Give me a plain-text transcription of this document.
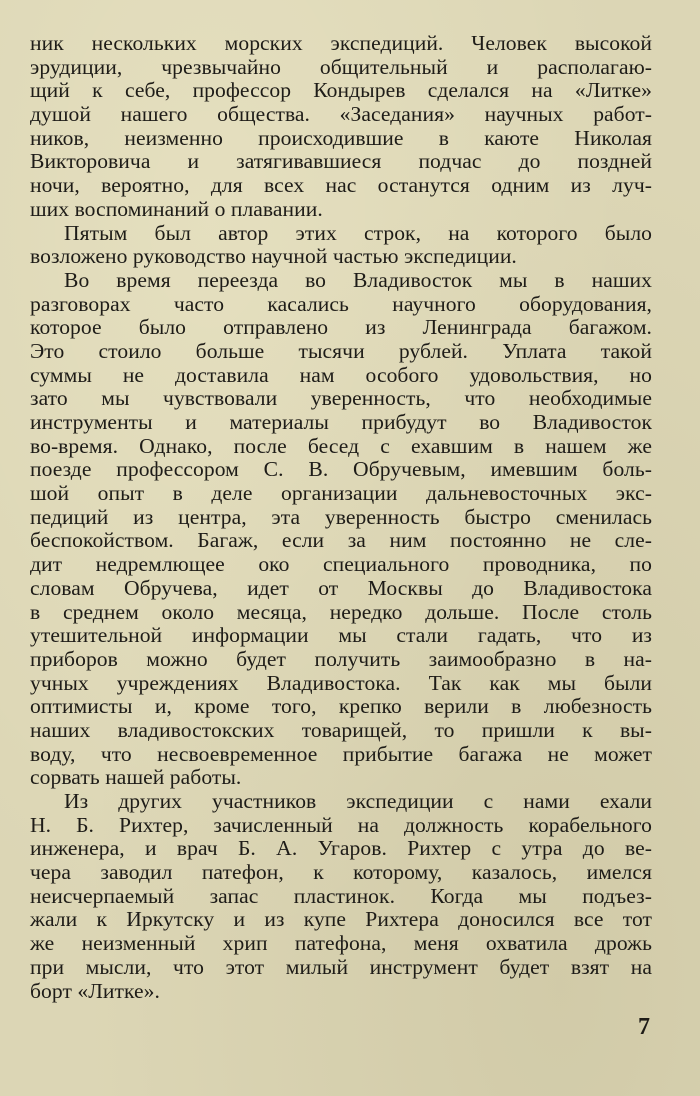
ник нескольких морских экспедиций. Человек высокой
эрудиции, чрезвычайно общительный и располагаю-
щий к себе, профессор Кондырев сделался на «Литке»
душой нашего общества. «Заседания» научных работ-
ников, неизменно происходившие в каюте Николая
Викторовича и затягивавшиеся подчас до поздней
ночи, вероятно, для всех нас останутся одним из луч-
ших воспоминаний о плавании.
Пятым был автор этих строк, на которого было
возложено руководство научной частью экспедиции.
Во время переезда во Владивосток мы в наших
разговорах часто касались научного оборудования,
которое было отправлено из Ленинграда багажом.
Это стоило больше тысячи рублей. Уплата такой
суммы не доставила нам особого удовольствия, но
зато мы чувствовали уверенность, что необходимые
инструменты и материалы прибудут во Владивосток
во-время. Однако, после бесед с ехавшим в нашем же
поезде профессором С. В. Обручевым, имевшим боль-
шой опыт в деле организации дальневосточных экс-
педиций из центра, эта уверенность быстро сменилась
беспокойством. Багаж, если за ним постоянно не сле-
дит недремлющее око специального проводника, по
словам Обручева, идет от Москвы до Владивостока
в среднем около месяца, нередко дольше. После столь
утешительной информации мы стали гадать, что из
приборов можно будет получить заимообразно в на-
учных учреждениях Владивостока. Так как мы были
оптимисты и, кроме того, крепко верили в любезность
наших владивостокских товарищей, то пришли к вы-
воду, что несвоевременное прибытие багажа не может
сорвать нашей работы.
Из других участников экспедиции с нами ехали
Н. Б. Рихтер, зачисленный на должность корабельного
инженера, и врач Б. А. Угаров. Рихтер с утра до ве-
чера заводил патефон, к которому, казалось, имелся
неисчерпаемый запас пластинок. Когда мы подъез-
жали к Иркутску и из купе Рихтера доносился все тот
же неизменный хрип патефона, меня охватила дрожь
при мысли, что этот милый инструмент будет взят на
борт «Литке».
7
